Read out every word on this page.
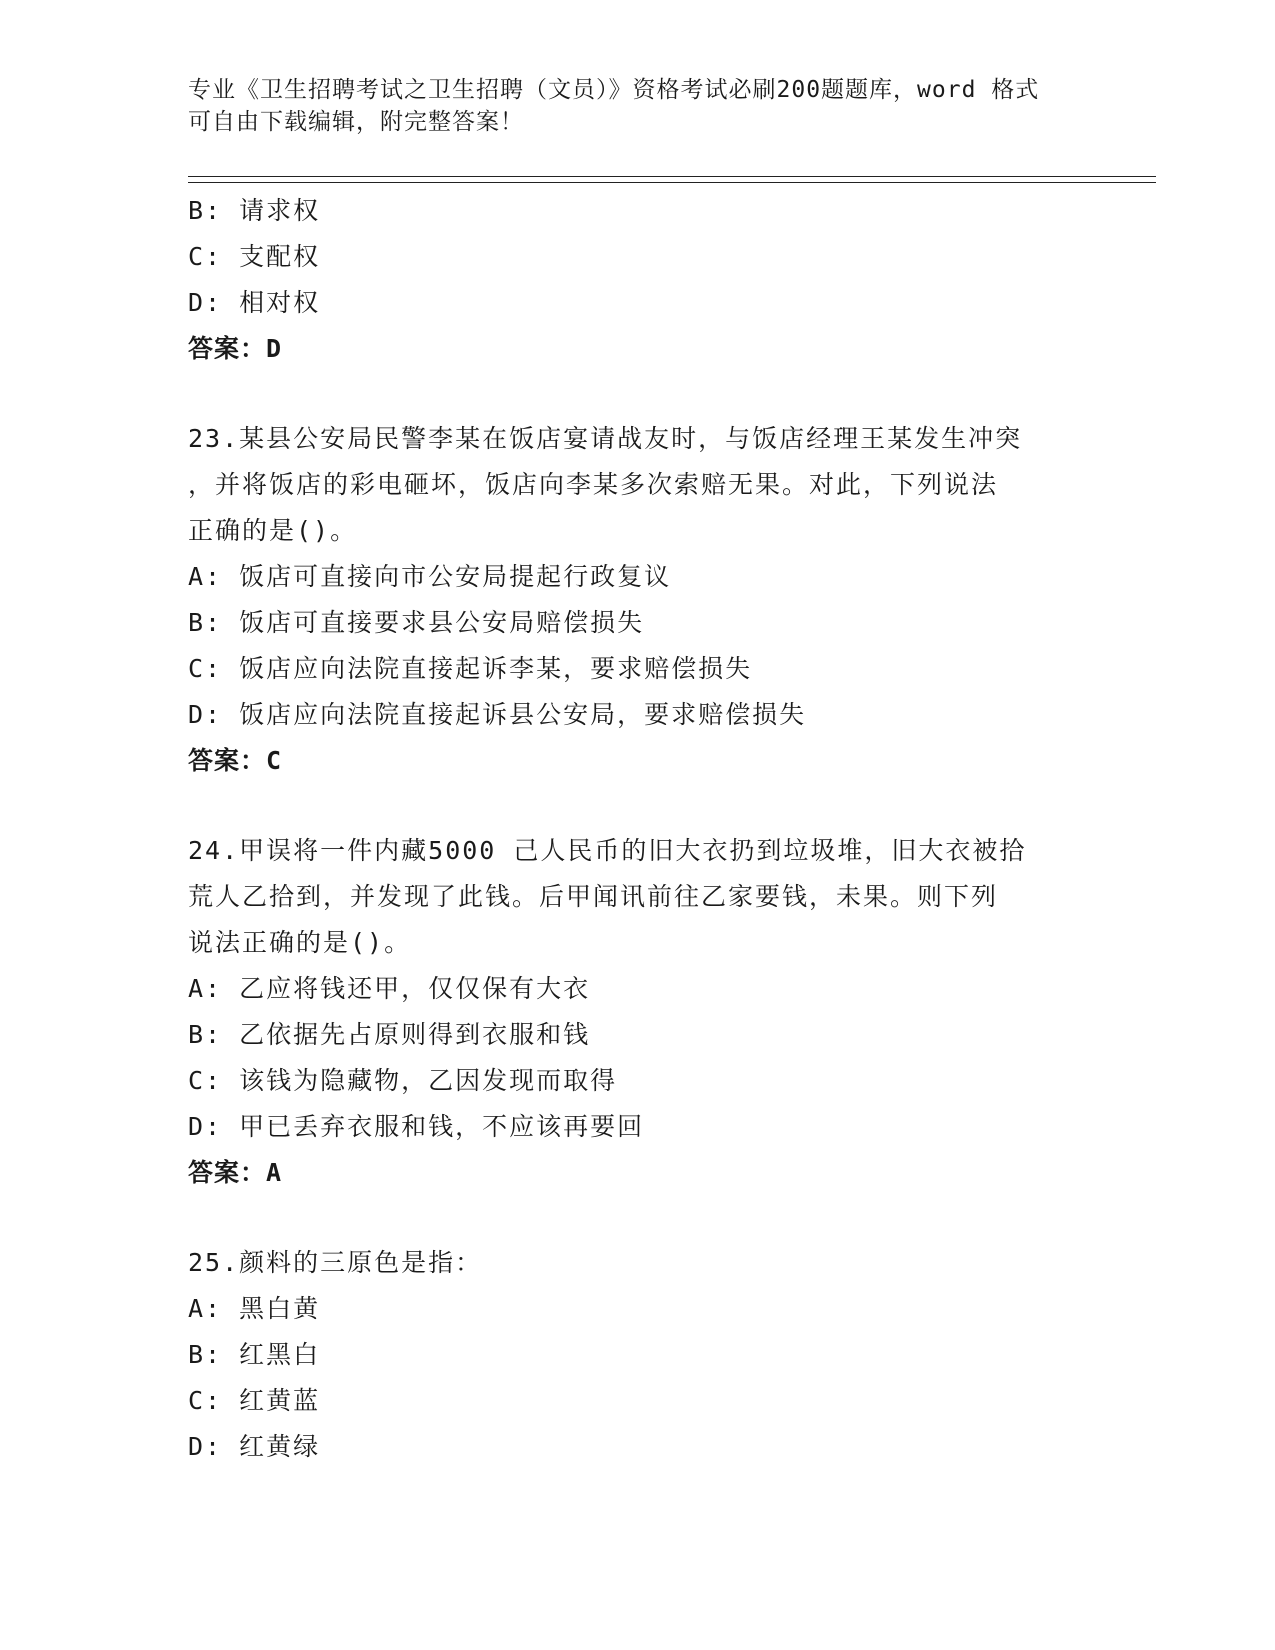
专业《卫生招聘考试之卫生招聘（文员）》资格考试必刷200题题库，word 格式
可自由下载编辑，附完整答案！
B: 请求权
C: 支配权
D: 相对权
答案：D
23.某县公安局民警李某在饭店宴请战友时，与饭店经理王某发生冲突
，并将饭店的彩电砸坏，饭店向李某多次索赔无果。对此，下列说法
正确的是()。
A: 饭店可直接向市公安局提起行政复议
B: 饭店可直接要求县公安局赔偿损失
C: 饭店应向法院直接起诉李某，要求赔偿损失
D: 饭店应向法院直接起诉县公安局，要求赔偿损失
答案：C
24.甲误将一件内藏5000 己人民币的旧大衣扔到垃圾堆，旧大衣被拾
荒人乙拾到，并发现了此钱。后甲闻讯前往乙家要钱，未果。则下列
说法正确的是()。
A: 乙应将钱还甲，仅仅保有大衣
B: 乙依据先占原则得到衣服和钱
C: 该钱为隐藏物，乙因发现而取得
D: 甲已丢弃衣服和钱，不应该再要回
答案：A
25.颜料的三原色是指：
A: 黑白黄
B: 红黑白
C: 红黄蓝
D: 红黄绿
